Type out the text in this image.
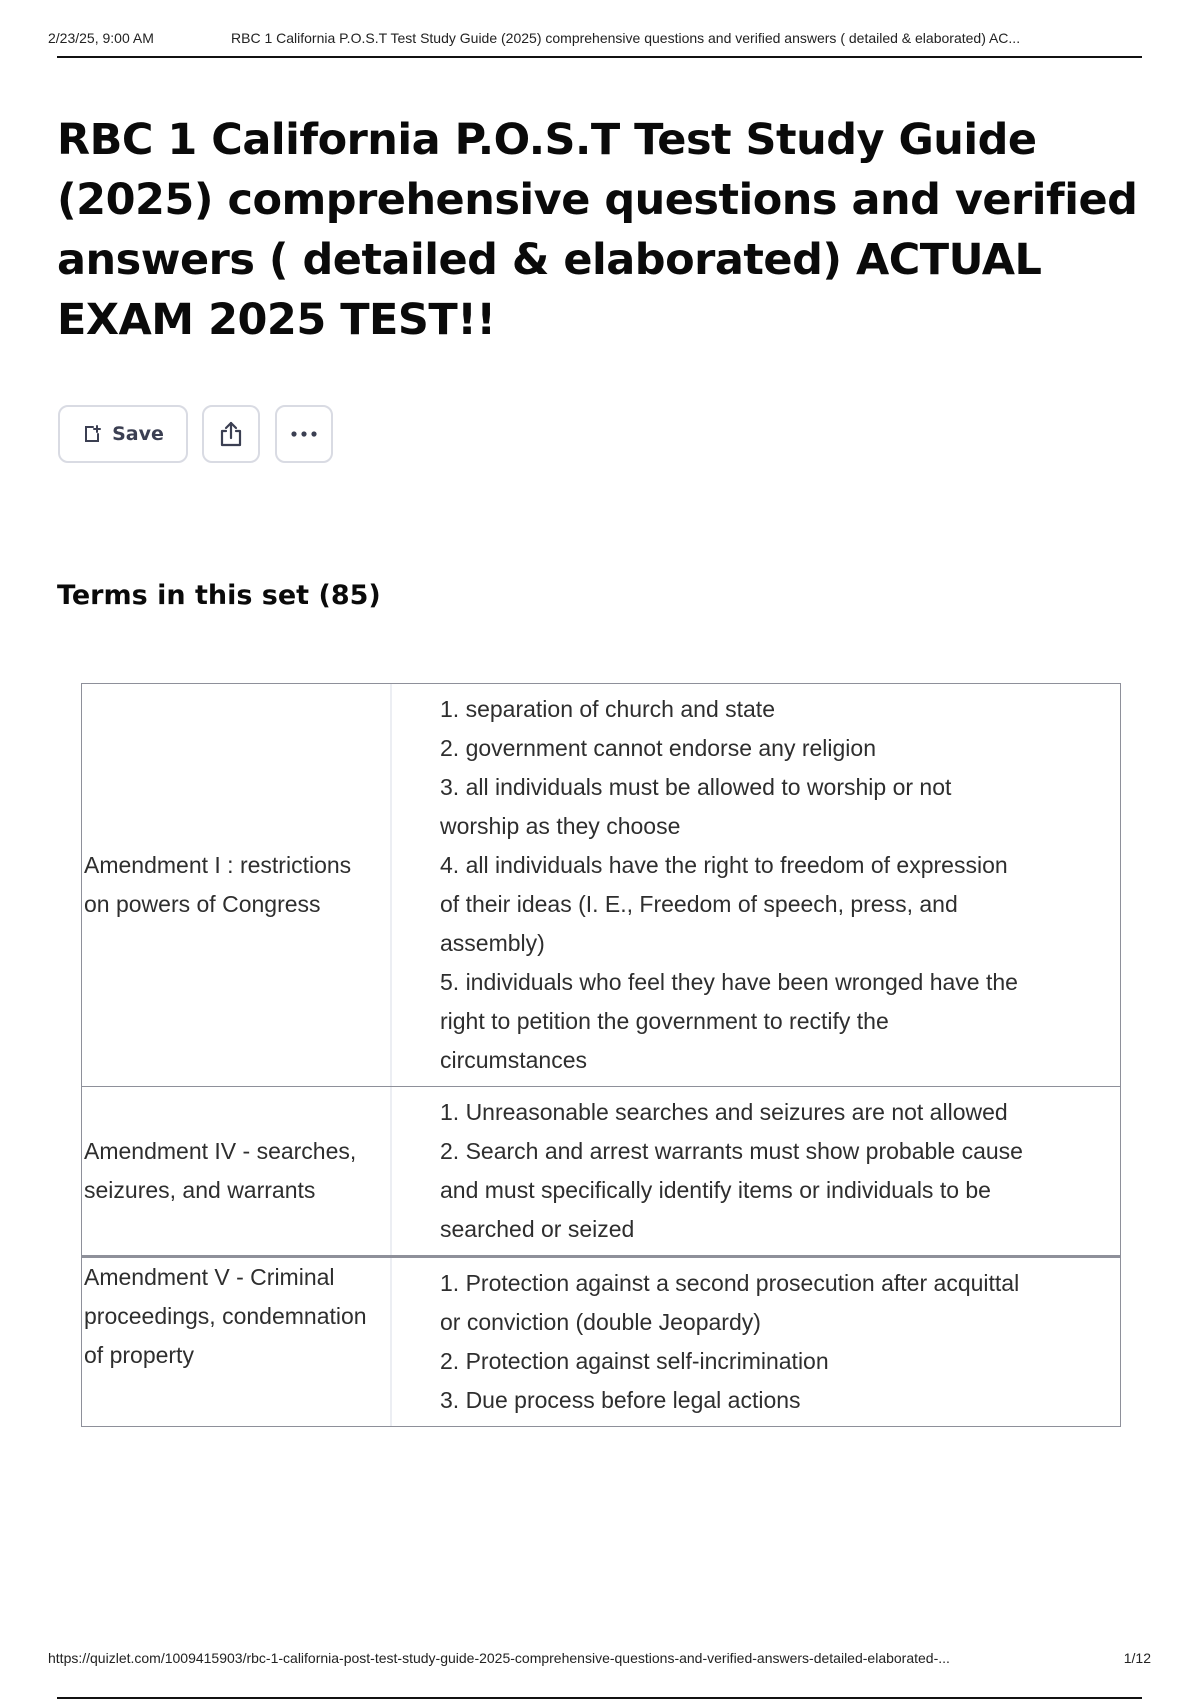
2/23/25, 9:00 AM	RBC 1 California P.O.S.T Test Study Guide (2025) comprehensive questions and verified answers ( detailed & elaborated) AC...
RBC 1 California P.O.S.T Test Study Guide (2025) comprehensive questions and verified answers ( detailed & elaborated) ACTUAL EXAM 2025 TEST!!
Save
Terms in this set (85)
Amendment I : restrictions on powers of Congress
1. separation of church and state
2. government cannot endorse any religion
3. all individuals must be allowed to worship or not worship as they choose
4. all individuals have the right to freedom of expression of their ideas (I. E., Freedom of speech, press, and assembly)
5. individuals who feel they have been wronged have the right to petition the government to rectify the circumstances
Amendment IV - searches, seizures, and warrants
1. Unreasonable searches and seizures are not allowed
2. Search and arrest warrants must show probable cause and must specifically identify items or individuals to be searched or seized
Amendment V - Criminal proceedings, condemnation of property
1. Protection against a second prosecution after acquittal or conviction (double Jeopardy)
2. Protection against self-incrimination
3. Due process before legal actions
https://quizlet.com/1009415903/rbc-1-california-post-test-study-guide-2025-comprehensive-questions-and-verified-answers-detailed-elaborated-...	1/12
